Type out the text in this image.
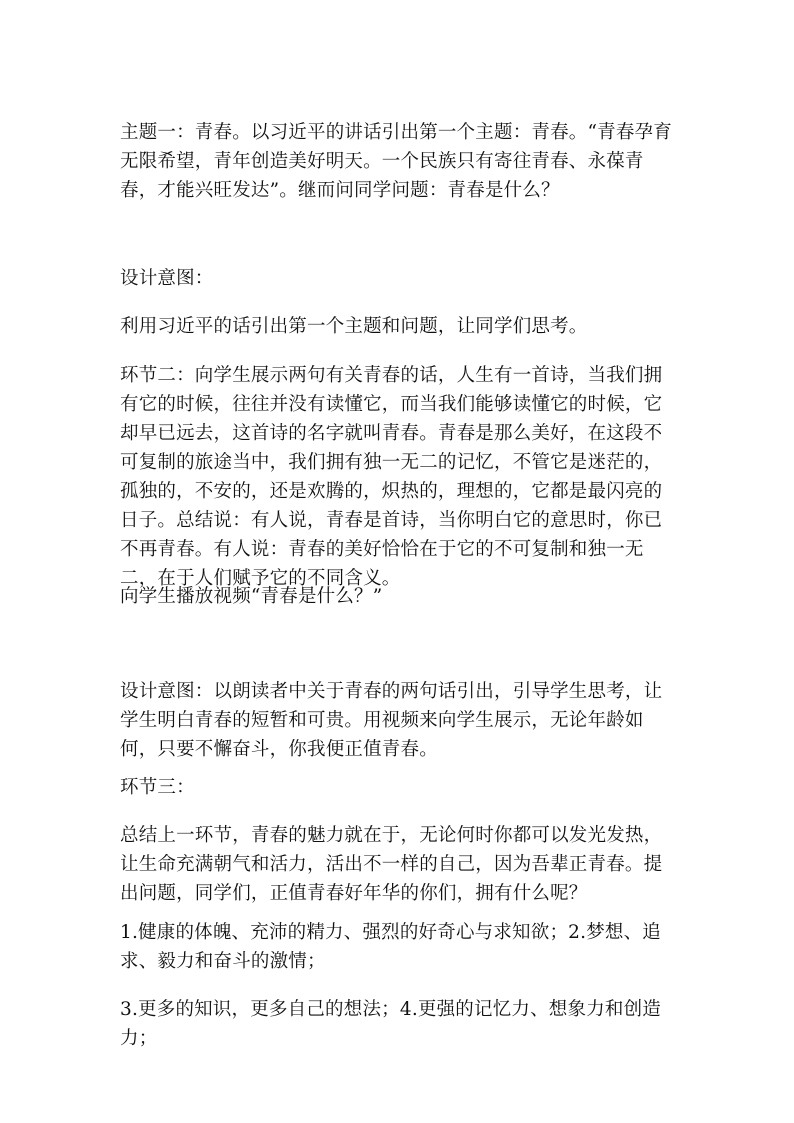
主题一：青春。以习近平的讲话引出第一个主题：青春。“青春孕育无限希望，青年创造美好明天。一个民族只有寄往青春、永葆青春，才能兴旺发达”。继而问同学问题：青春是什么？

设计意图：

利用习近平的话引出第一个主题和问题，让同学们思考。

环节二：向学生展示两句有关青春的话，人生有一首诗，当我们拥有它的时候，往往并没有读懂它，而当我们能够读懂它的时候，它却早已远去，这首诗的名字就叫青春。青春是那么美好，在这段不可复制的旅途当中，我们拥有独一无二的记忆，不管它是迷茫的，孤独的，不安的，还是欢腾的，炽热的，理想的，它都是最闪亮的日子。总结说：有人说，青春是首诗，当你明白它的意思时，你已不再青春。有人说：青春的美好恰恰在于它的不可复制和独一无二，在于人们赋予它的不同含义。

向学生播放视频“青春是什么？”

设计意图：以朗读者中关于青春的两句话引出，引导学生思考，让学生明白青春的短暂和可贵。用视频来向学生展示，无论年龄如何，只要不懈奋斗，你我便正值青春。

环节三：

总结上一环节，青春的魅力就在于，无论何时你都可以发光发热，让生命充满朝气和活力，活出不一样的自己，因为吾辈正青春。提出问题，同学们，正值青春好年华的你们，拥有什么呢？

1.健康的体魄、充沛的精力、强烈的好奇心与求知欲；2.梦想、追求、毅力和奋斗的激情；

3.更多的知识，更多自己的想法；4.更强的记忆力、想象力和创造力；
